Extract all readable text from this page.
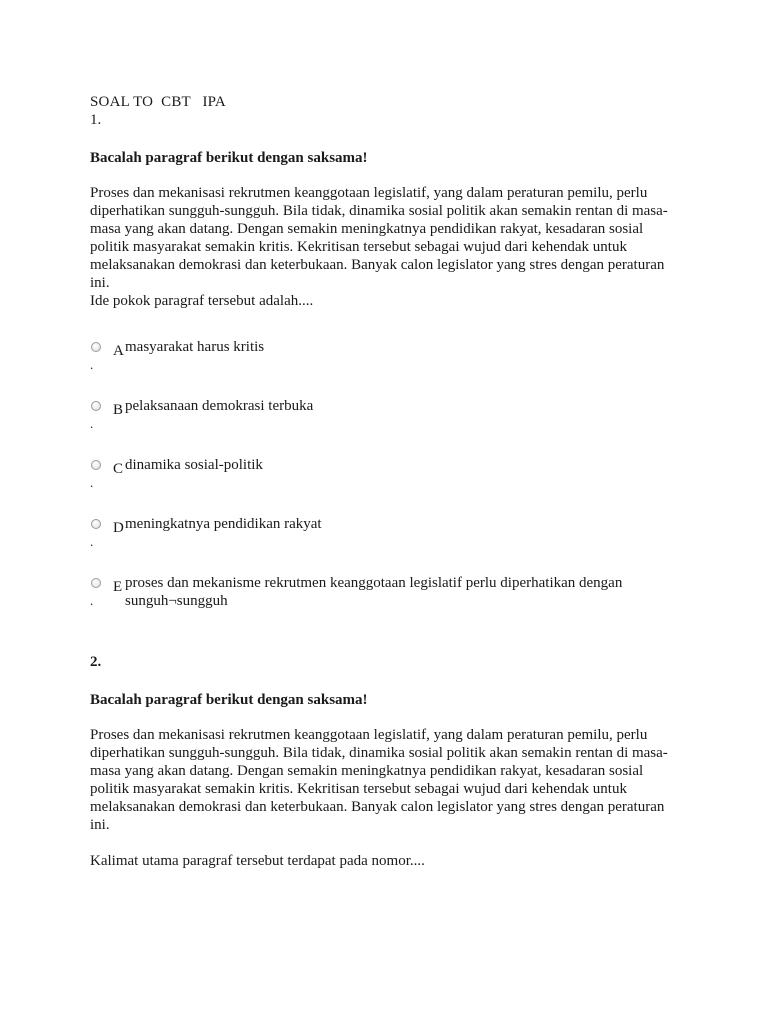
SOAL TO  CBT   IPA
1.
Bacalah paragraf berikut dengan saksama!
Proses dan mekanisasi rekrutmen keanggotaan legislatif, yang dalam peraturan pemilu, perlu diperhatikan sungguh-sungguh. Bila tidak, dinamika sosial politik akan semakin rentan di masa-masa yang akan datang. Dengan semakin meningkatnya pendidikan rakyat, kesadaran sosial politik masyarakat semakin kritis. Kekritisan tersebut sebagai wujud dari kehendak untuk melaksanakan demokrasi dan keterbukaan. Banyak calon legislator yang stres dengan peraturan ini.
Ide pokok paragraf tersebut adalah....
A masyarakat harus kritis
.
B pelaksanaan demokrasi terbuka
.
C dinamika sosial-politik
.
D meningkatnya pendidikan rakyat
.
E proses dan mekanisme rekrutmen keanggotaan legislatif perlu diperhatikan dengan sunguh¬sungguh
.
2.
Bacalah paragraf berikut dengan saksama!
Proses dan mekanisasi rekrutmen keanggotaan legislatif, yang dalam peraturan pemilu, perlu diperhatikan sungguh-sungguh. Bila tidak, dinamika sosial politik akan semakin rentan di masa-masa yang akan datang. Dengan semakin meningkatnya pendidikan rakyat, kesadaran sosial politik masyarakat semakin kritis. Kekritisan tersebut sebagai wujud dari kehendak untuk melaksanakan demokrasi dan keterbukaan. Banyak calon legislator yang stres dengan peraturan ini.
Kalimat utama paragraf tersebut terdapat pada nomor....
